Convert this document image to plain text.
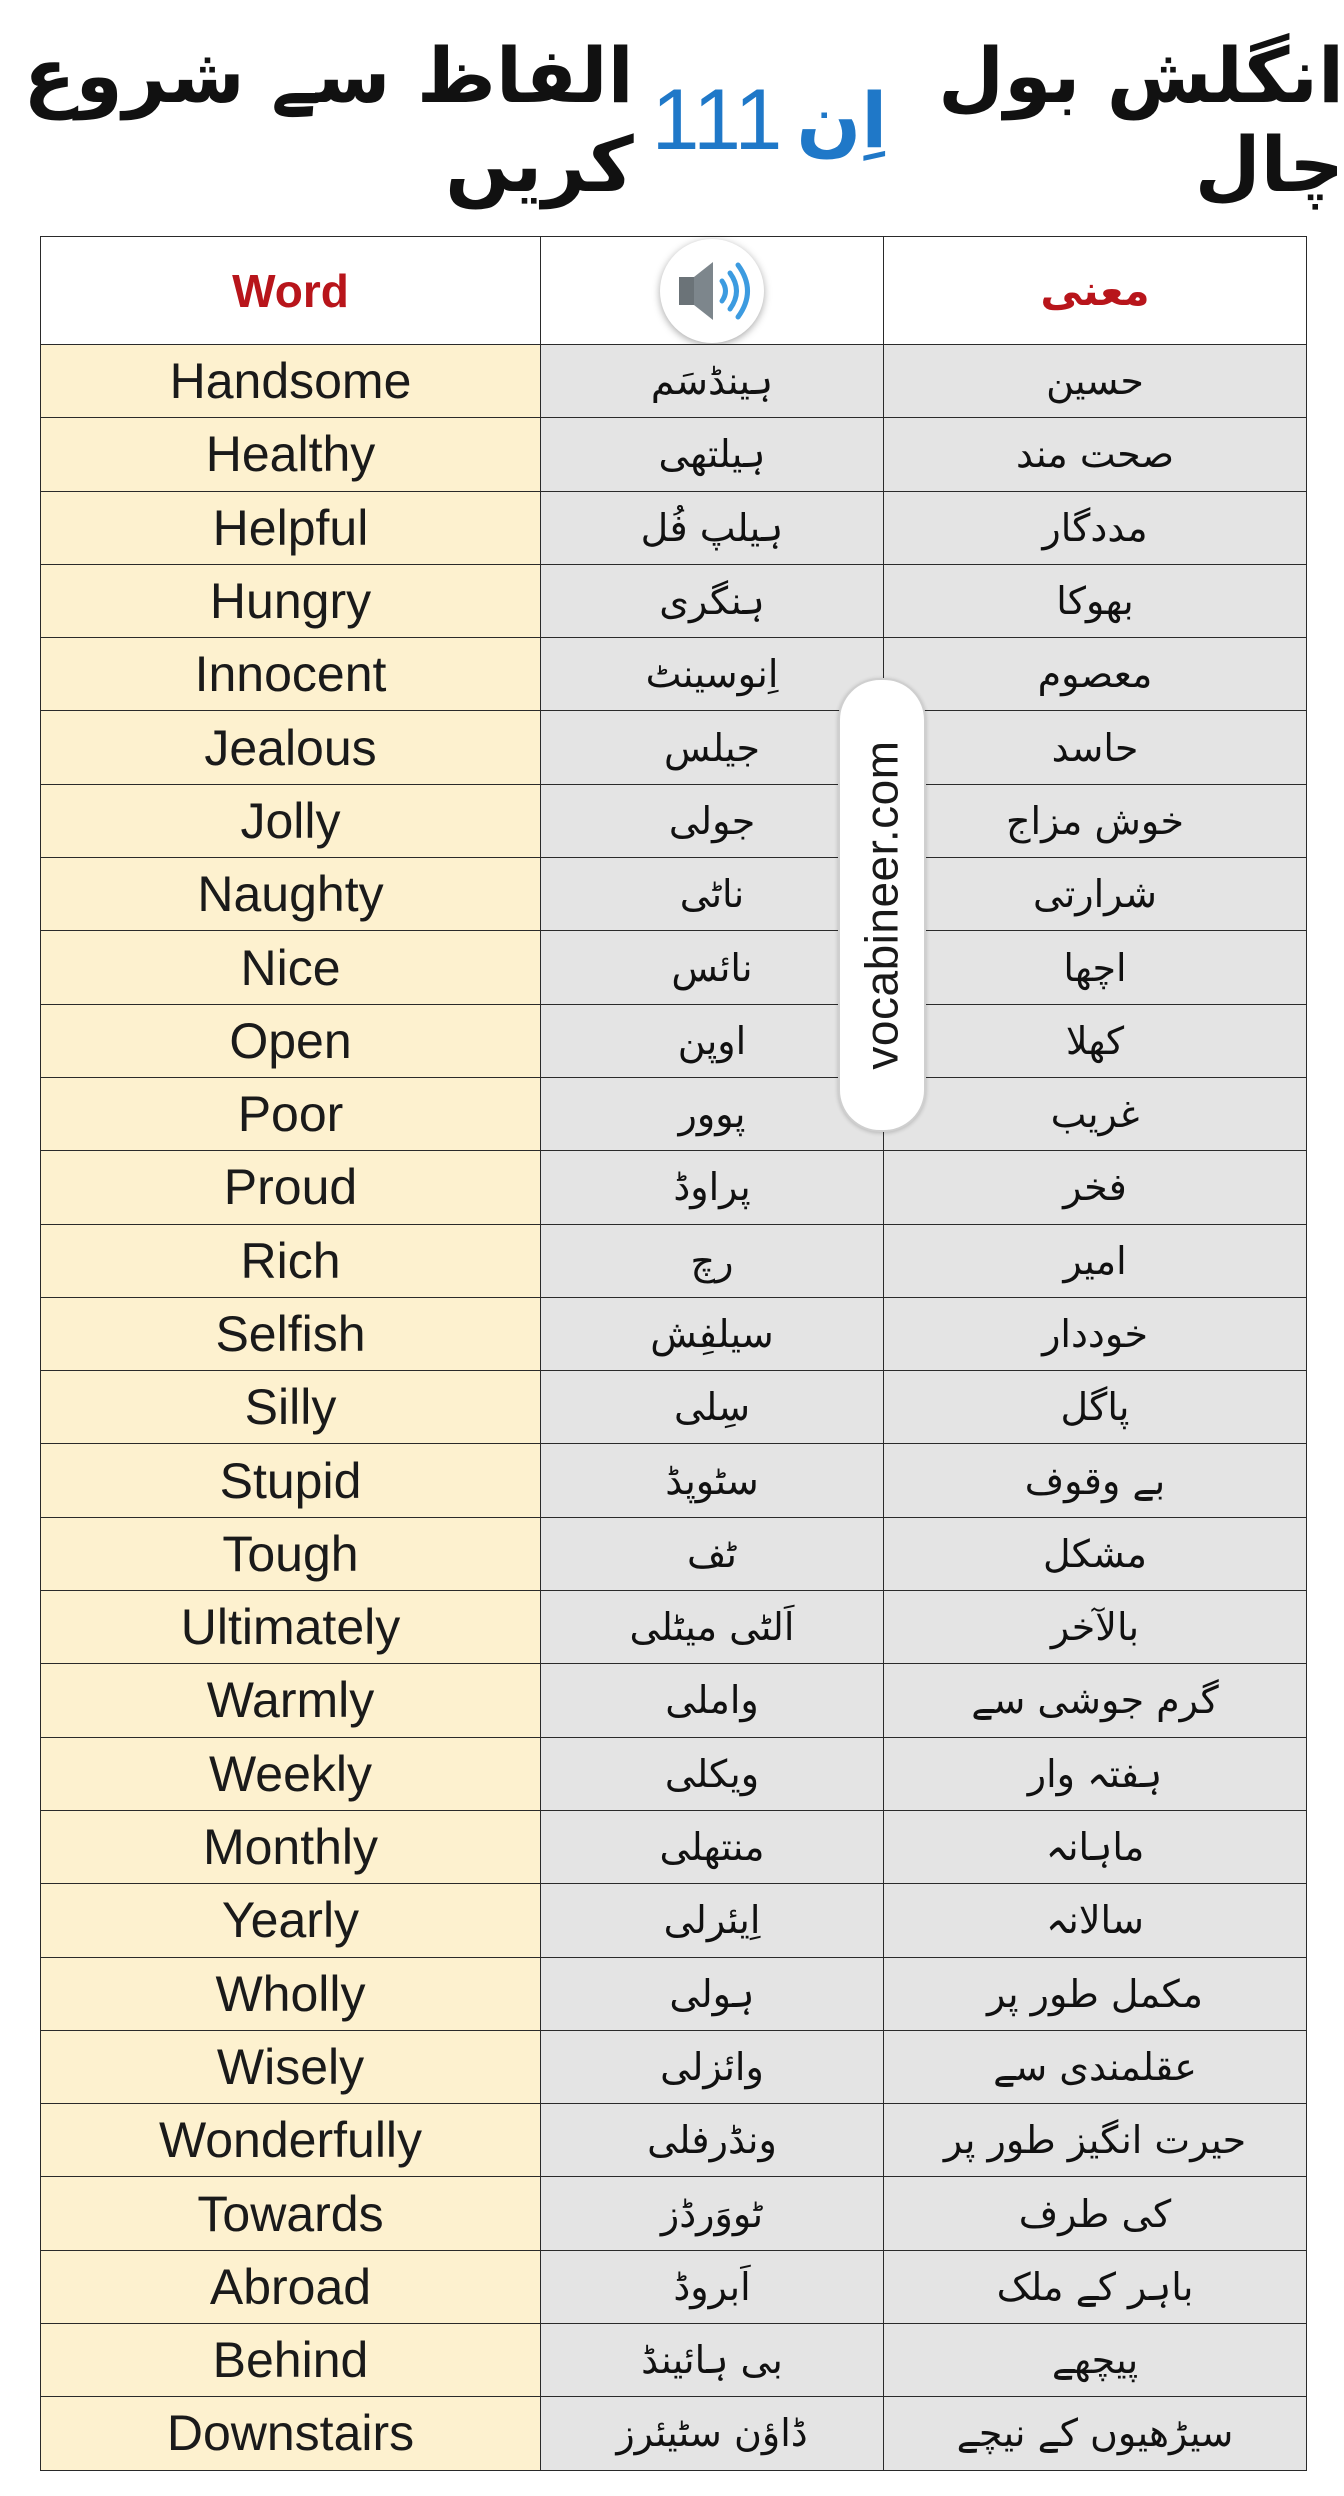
انگلش بول چال
اِن
111
الفاظ سے شروع کریں
Word		معنی
Handsome	ہینڈسَم	حسین
Healthy	ہیلتھی	صحت مند
Helpful	ہیلپ فُل	مددگار
Hungry	ہنگری	بھوکا
Innocent	اِنوسینٹ	معصوم
Jealous	جیلس	حاسد
Jolly	جولی	خوش مزاج
Naughty	ناٹی	شرارتی
Nice	نائس	اچھا
Open	اوپن	کھلا
Poor	پوور	غریب
Proud	پراوڈ	فخر
Rich	رچ	امیر
Selfish	سیلفِش	خوددار
Silly	سِلی	پاگل
Stupid	سٹوپڈ	بے وقوف
Tough	ٹف	مشکل
Ultimately	اَلٹی میٹلی	بالآخر
Warmly	واملی	گرم جوشی سے
Weekly	ویکلی	ہفتہ وار
Monthly	منتھلی	ماہانہ
Yearly	اِیئرلی	سالانہ
Wholly	ہولی	مکمل طور پر
Wisely	وائزلی	عقلمندی سے
Wonderfully	ونڈرفلی	حیرت انگیز طور پر
Towards	ٹووَرڈز	کی طرف
Abroad	اَبروڈ	باہر کے ملک
Behind	بی ہائینڈ	پیچھے
Downstairs	ڈاؤن سٹیئرز	سیڑھیوں کے نیچے
vocabineer.com
